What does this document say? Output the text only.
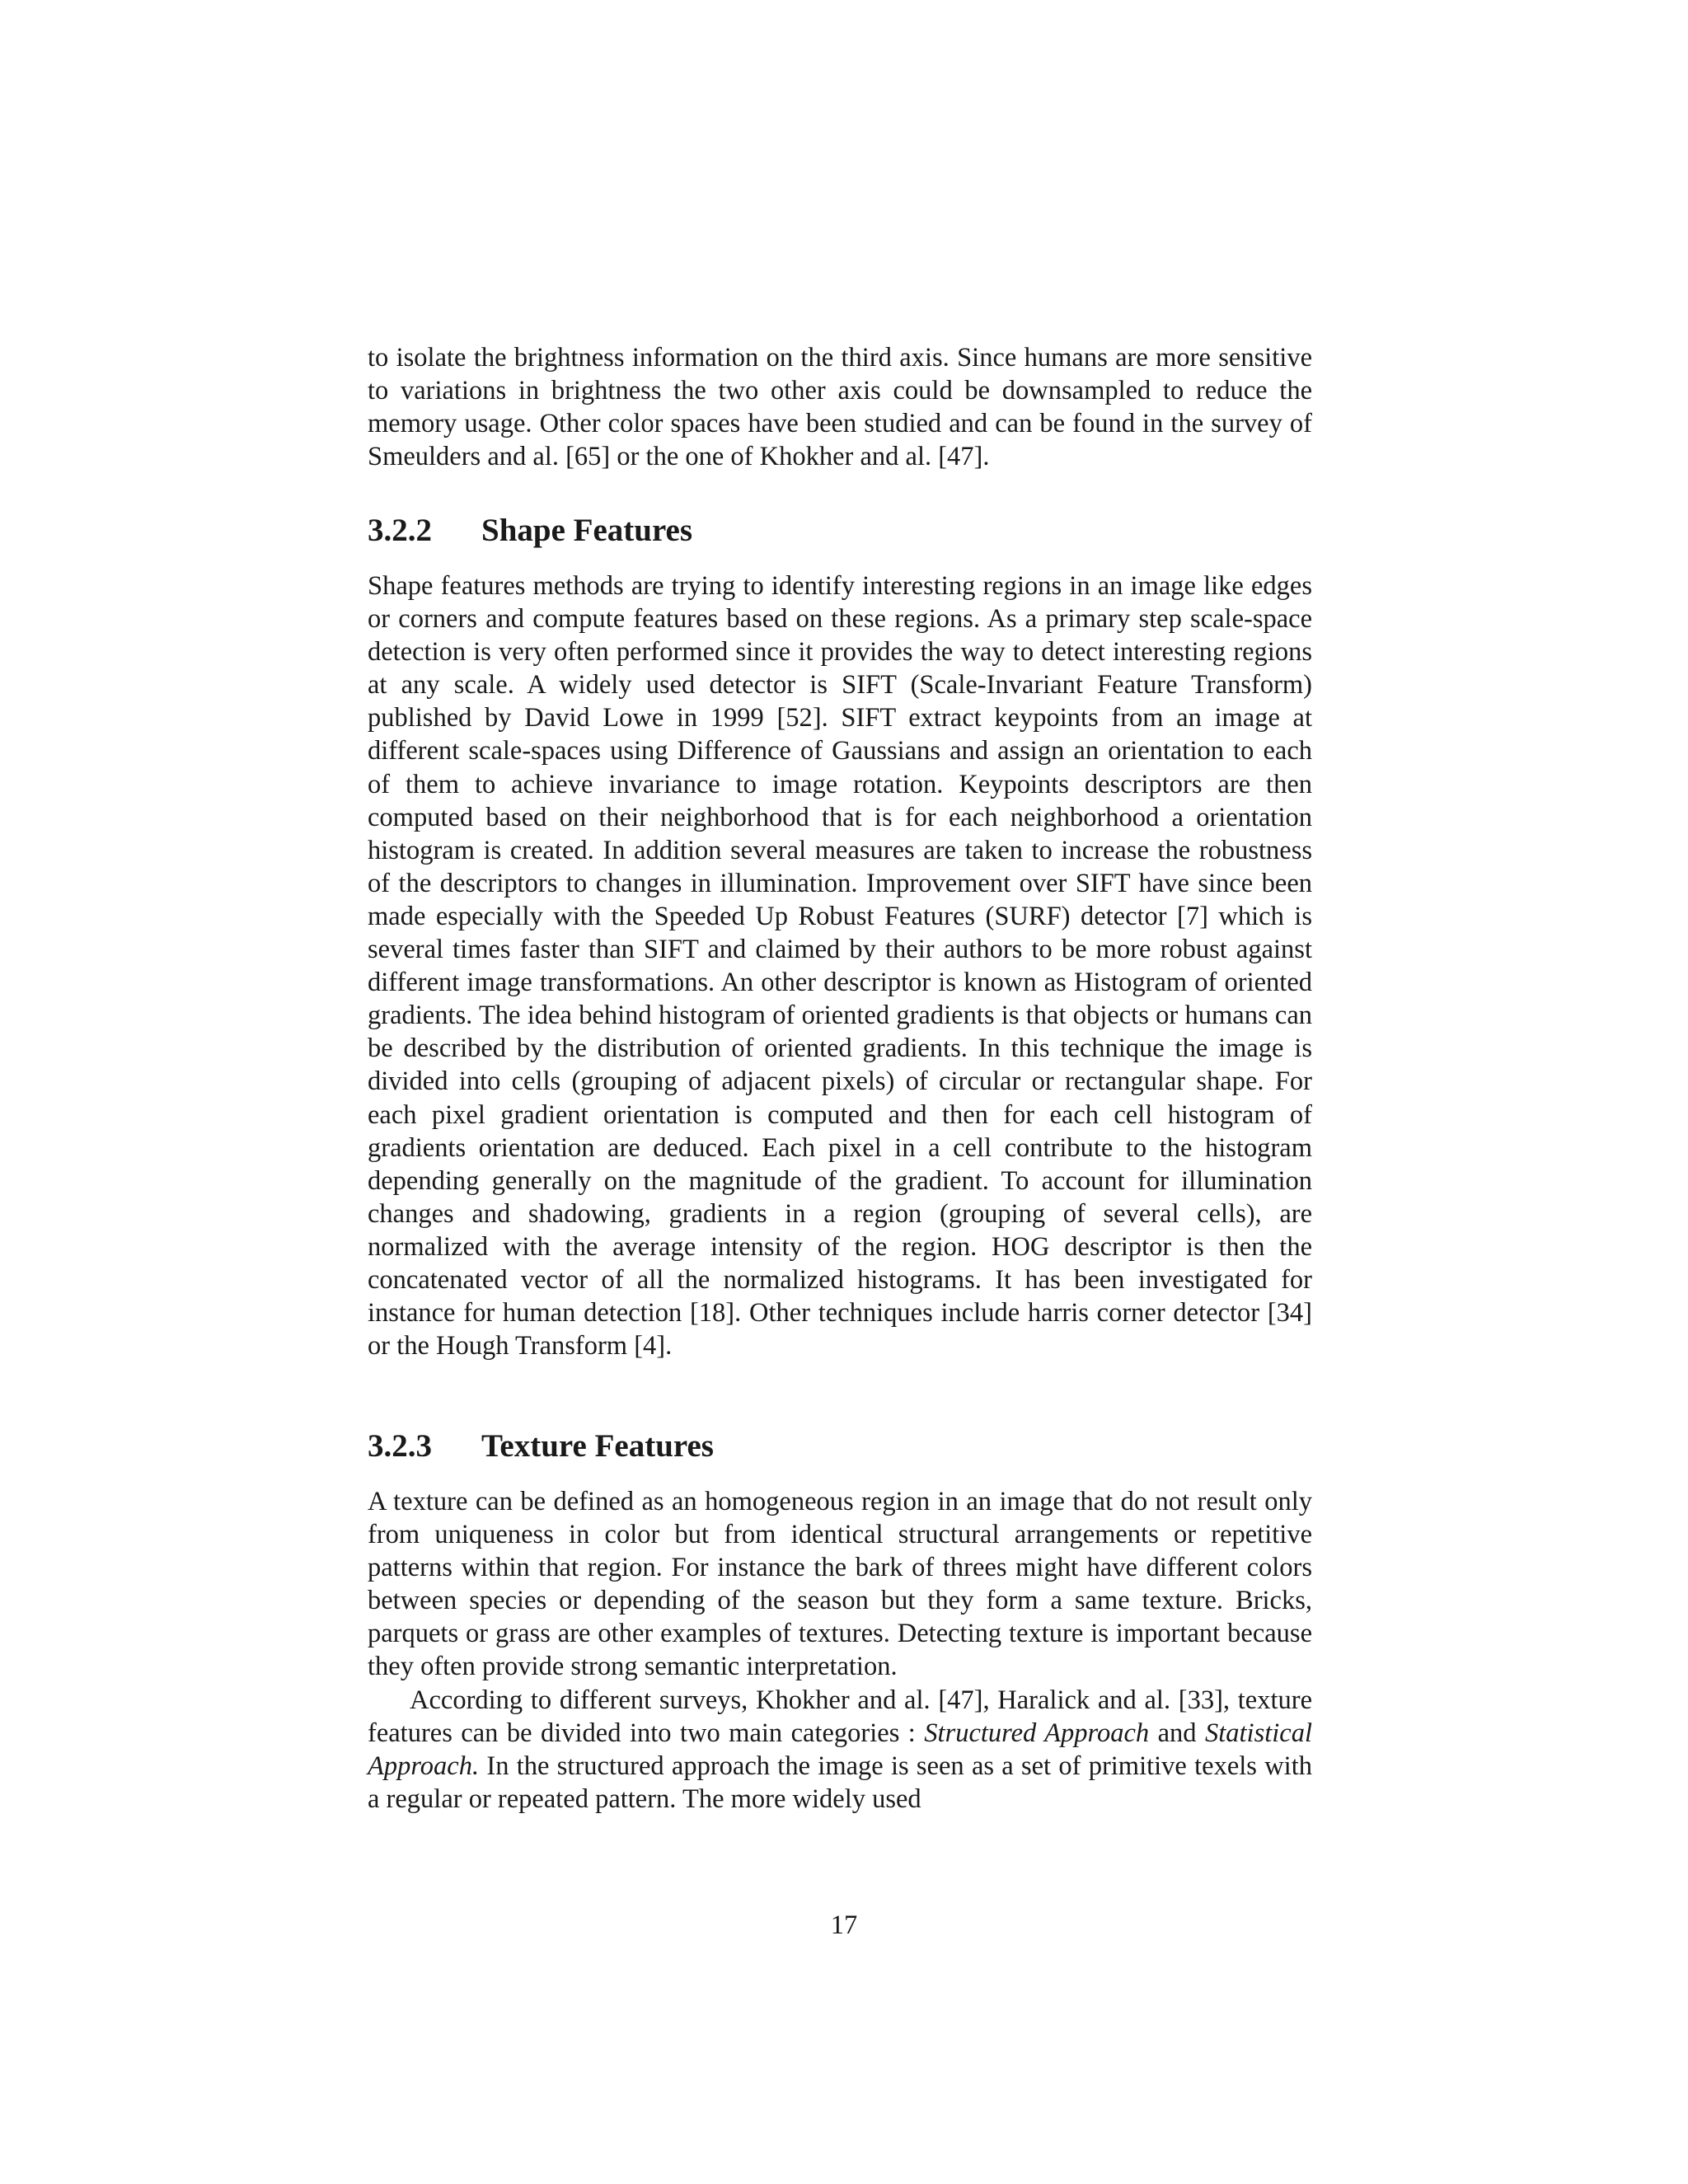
to isolate the brightness information on the third axis. Since humans are more sensitive to variations in brightness the two other axis could be downsampled to reduce the memory usage. Other color spaces have been studied and can be found in the survey of Smeulders and al. [65] or the one of Khokher and al. [47].

3.2.2 Shape Features

Shape features methods are trying to identify interesting regions in an image like edges or corners and compute features based on these regions. As a primary step scale-space detection is very often performed since it provides the way to detect interesting regions at any scale. A widely used detector is SIFT (Scale-Invariant Feature Transform) published by David Lowe in 1999 [52]. SIFT extract keypoints from an image at different scale-spaces using Difference of Gaussians and assign an orientation to each of them to achieve invariance to image rotation. Keypoints descriptors are then computed based on their neighborhood that is for each neighborhood a orientation histogram is created. In addition several measures are taken to increase the robustness of the descriptors to changes in illumination. Improvement over SIFT have since been made especially with the Speeded Up Robust Features (SURF) detector [7] which is several times faster than SIFT and claimed by their authors to be more robust against different image transformations. An other descriptor is known as Histogram of oriented gradients. The idea behind histogram of oriented gradients is that objects or humans can be described by the distribution of oriented gradients. In this technique the image is divided into cells (grouping of adjacent pixels) of circular or rectangular shape. For each pixel gradient orientation is computed and then for each cell histogram of gradients orientation are deduced. Each pixel in a cell contribute to the histogram depending generally on the magnitude of the gradient. To account for illumination changes and shadowing, gradients in a region (grouping of several cells), are normalized with the average intensity of the region. HOG descriptor is then the concatenated vector of all the normalized histograms. It has been investigated for instance for human detection [18]. Other techniques include harris corner detector [34] or the Hough Transform [4].

3.2.3 Texture Features

A texture can be defined as an homogeneous region in an image that do not result only from uniqueness in color but from identical structural arrangements or repetitive patterns within that region. For instance the bark of threes might have different colors between species or depending of the season but they form a same texture. Bricks, parquets or grass are other examples of textures. Detecting texture is important because they often provide strong semantic interpretation.

According to different surveys, Khokher and al. [47], Haralick and al. [33], texture features can be divided into two main categories : Structured Approach and Statistical Approach. In the structured approach the image is seen as a set of primitive texels with a regular or repeated pattern. The more widely used

17
